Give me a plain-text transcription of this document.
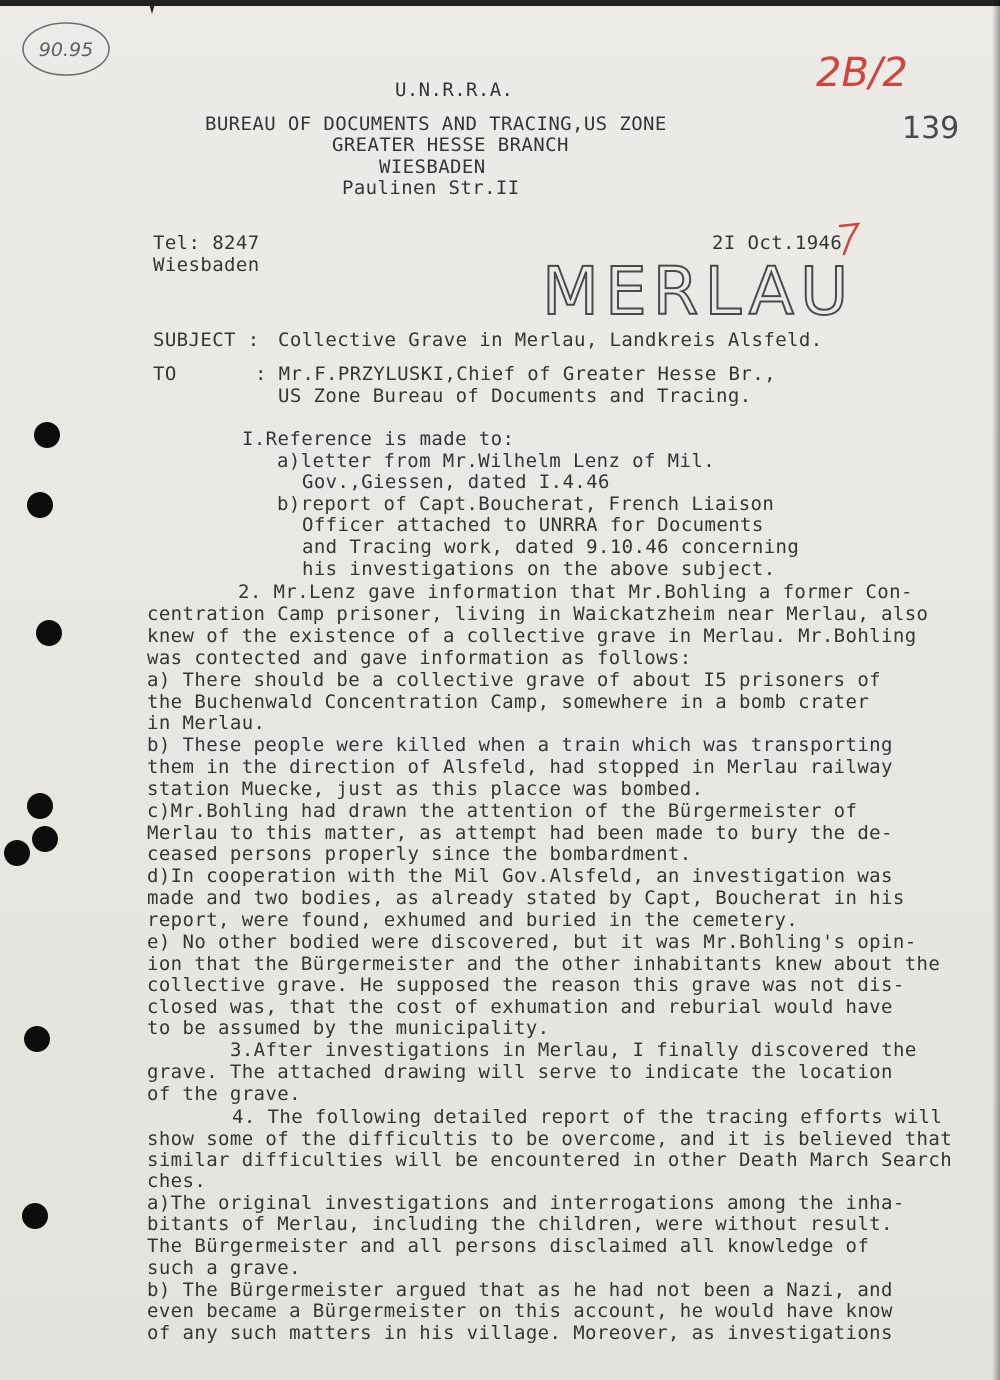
90.95	2B/2
139
MERLAU
U.N.R.R.A.
BUREAU OF DOCUMENTS AND TRACING,US ZONE
GREATER HESSE BRANCH
WIESBADEN
Paulinen Str.II
Tel: 8247
Wiesbaden
2I Oct.1946
SUBJECT : Collective Grave in Merlau, Landkreis Alsfeld.
TO	: Mr.F.PRZYLUSKI,Chief of Greater Hesse Br.,
US Zone Bureau of Documents and Tracing.
I.Reference is made to:
a)letter from Mr.Wilhelm Lenz of Mil.
Gov.,Giessen, dated I.4.46
b)report of Capt.Boucherat, French Liaison
Officer attached to UNRRA for Documents
and Tracing work, dated 9.10.46 concerning
his investigations on the above subject.
2. Mr.Lenz gave information that Mr.Bohling a former Con-
centration Camp prisoner, living in Waickatzheim near Merlau, also
knew of the existence of a collective grave in Merlau. Mr.Bohling
was contected and gave information as follows:
a) There should be a collective grave of about I5 prisoners of
the Buchenwald Concentration Camp, somewhere in a bomb crater
in Merlau.
b) These people were killed when a train which was transporting
them in the direction of Alsfeld, had stopped in Merlau railway
station Muecke, just as this placce was bombed.
c)Mr.Bohling had drawn the attention of the Bürgermeister of
Merlau to this matter, as attempt had been made to bury the de-
ceased persons properly since the bombardment.
d)In cooperation with the Mil Gov.Alsfeld, an investigation was
made and two bodies, as already stated by Capt, Boucherat in his
report, were found, exhumed and buried in the cemetery.
e) No other bodied were discovered, but it was Mr.Bohling's opin-
ion that the Bürgermeister and the other inhabitants knew about the
collective grave. He supposed the reason this grave was not dis-
closed was, that the cost of exhumation and reburial would have
to be assumed by the municipality.
3.After investigations in Merlau, I finally discovered the
grave. The attached drawing will serve to indicate the location
of the grave.
4. The following detailed report of the tracing efforts will
show some of the difficultis to be overcome, and it is believed that
similar difficulties will be encountered in other Death March Search
ches.
a)The original investigations and interrogations among the inha-
bitants of Merlau, including the children, were without result.
The Bürgermeister and all persons disclaimed all knowledge of
such a grave.
b) The Bürgermeister argued that as he had not been a Nazi, and
even became a Bürgermeister on this account, he would have know
of any such matters in his village. Moreover, as investigations
